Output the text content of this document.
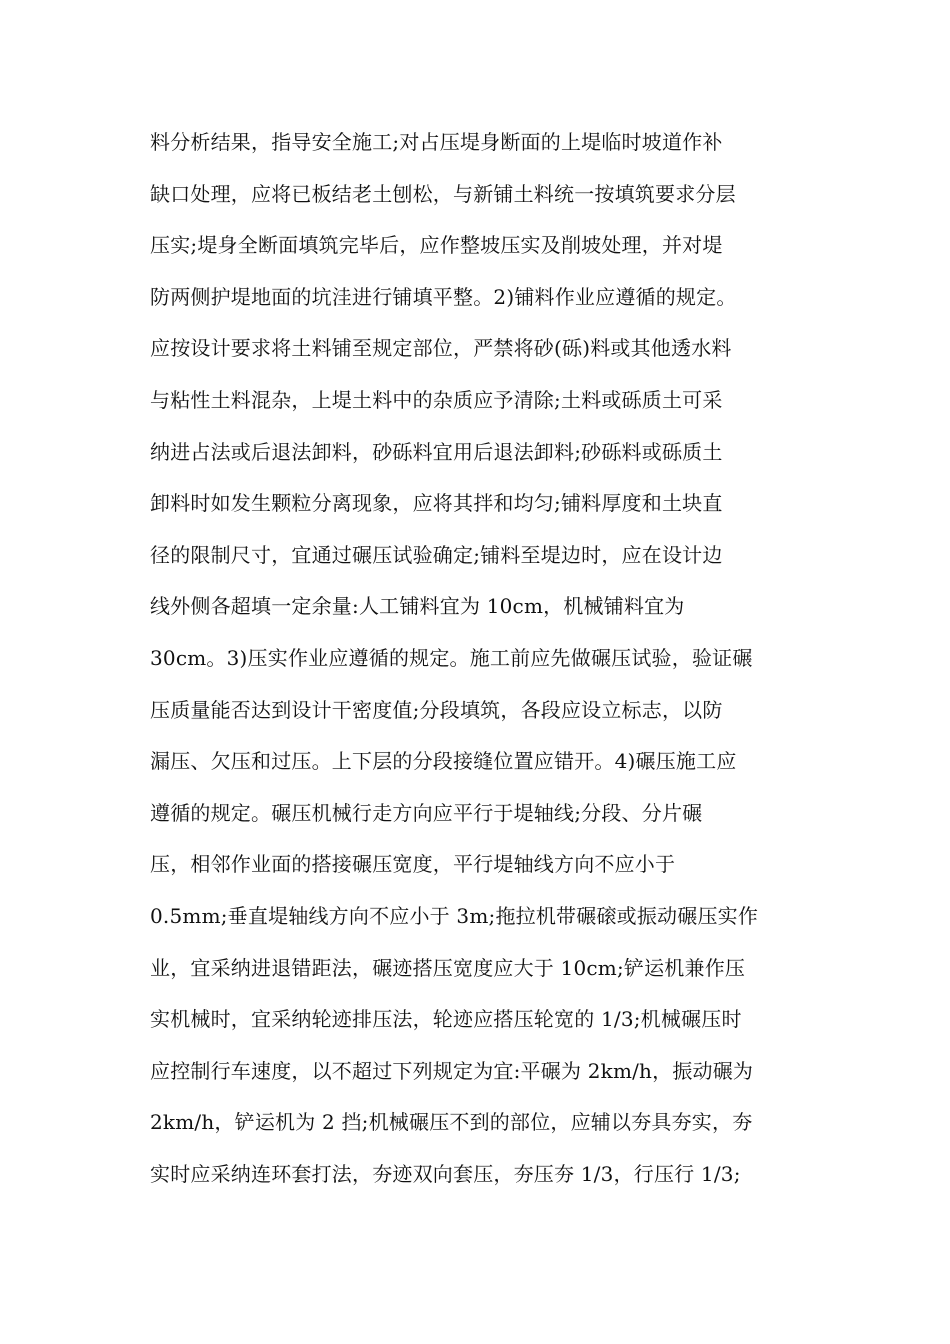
料分析结果，指导安全施工;对占压堤身断面的上堤临时坡道作补
缺口处理，应将已板结老土刨松，与新铺土料统一按填筑要求分层
压实;堤身全断面填筑完毕后，应作整坡压实及削坡处理，并对堤
防两侧护堤地面的坑洼进行铺填平整。2)铺料作业应遵循的规定。
应按设计要求将土料铺至规定部位，严禁将砂(砾)料或其他透水料
与粘性土料混杂，上堤土料中的杂质应予清除;土料或砾质土可采
纳进占法或后退法卸料，砂砾料宜用后退法卸料;砂砾料或砾质土
卸料时如发生颗粒分离现象，应将其拌和均匀;铺料厚度和土块直
径的限制尺寸，宜通过碾压试验确定;铺料至堤边时，应在设计边
线外侧各超填一定余量:人工铺料宜为 10cm，机械铺料宜为
30cm。3)压实作业应遵循的规定。施工前应先做碾压试验，验证碾
压质量能否达到设计干密度值;分段填筑，各段应设立标志，以防
漏压、欠压和过压。上下层的分段接缝位置应错开。4)碾压施工应
遵循的规定。碾压机械行走方向应平行于堤轴线;分段、分片碾
压，相邻作业面的搭接碾压宽度，平行堤轴线方向不应小于
0.5mm;垂直堤轴线方向不应小于 3m;拖拉机带碾磙或振动碾压实作
业，宜采纳进退错距法，碾迹搭压宽度应大于 10cm;铲运机兼作压
实机械时，宜采纳轮迹排压法，轮迹应搭压轮宽的 1/3;机械碾压时
应控制行车速度，以不超过下列规定为宜:平碾为 2km/h，振动碾为
2km/h，铲运机为 2 挡;机械碾压不到的部位，应辅以夯具夯实，夯
实时应采纳连环套打法，夯迹双向套压，夯压夯 1/3，行压行 1/3;
